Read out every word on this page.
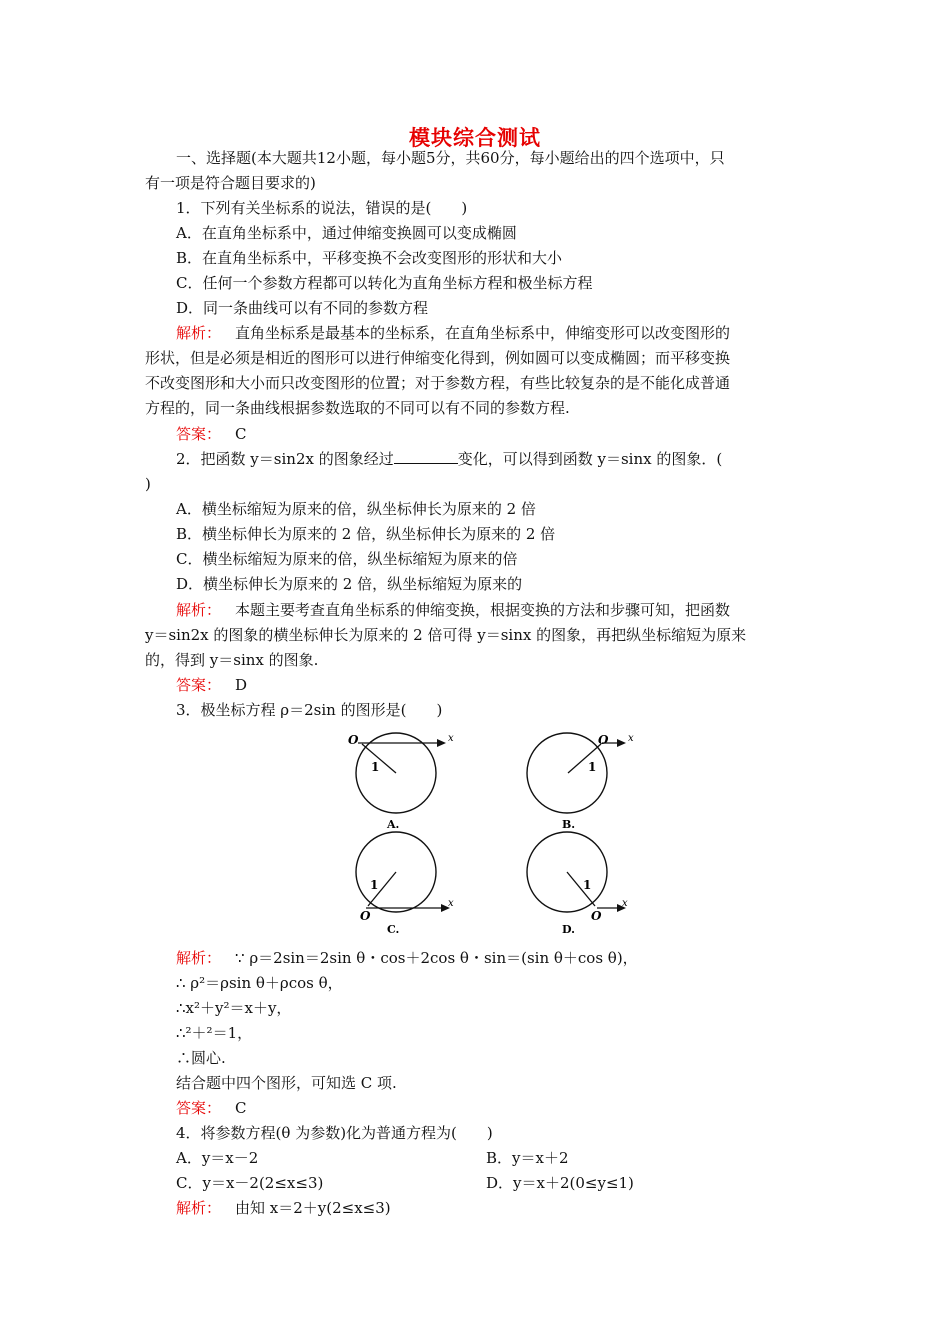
模块综合测试
一、选择题(本大题共12小题，每小题5分，共60分，每小题给出的四个选项中，只
有一项是符合题目要求的)
1．下列有关坐标系的说法，错误的是(　　)
A．在直角坐标系中，通过伸缩变换圆可以变成椭圆
B．在直角坐标系中，平移变换不会改变图形的形状和大小
C．任何一个参数方程都可以转化为直角坐标方程和极坐标方程
D．同一条曲线可以有不同的参数方程
解析： 直角坐标系是最基本的坐标系，在直角坐标系中，伸缩变形可以改变图形的
形状，但是必须是相近的图形可以进行伸缩变化得到，例如圆可以变成椭圆；而平移变换
不改变图形和大小而只改变图形的位置；对于参数方程，有些比较复杂的是不能化成普通
方程的，同一条曲线根据参数选取的不同可以有不同的参数方程.
答案： C
2．把函数 y＝sin2x 的图象经过	变化，可以得到函数 y＝sinx 的图象．(
)
A．横坐标缩短为原来的倍，纵坐标伸长为原来的 2 倍
B．横坐标伸长为原来的 2 倍，纵坐标伸长为原来的 2 倍
C．横坐标缩短为原来的倍，纵坐标缩短为原来的倍
D．横坐标伸长为原来的 2 倍，纵坐标缩短为原来的
解析： 本题主要考查直角坐标系的伸缩变换，根据变换的方法和步骤可知，把函数
y＝sin2x 的图象的横坐标伸长为原来的 2 倍可得 y＝sinx 的图象，再把纵坐标缩短为原来
的，得到 y＝sinx 的图象.
答案： D
3．极坐标方程 ρ＝2sin 的图形是(　　)
O	x
1
A.
O x
1
B.
O
x
1
C.
O
x
1
D.
解析： ∵ ρ＝2sin＝2sin θ・cos＋2cos θ・sin＝(sin θ＋cos θ)，
∴ ρ²＝ρsin θ＋ρcos θ，
∴x²＋y²＝x＋y，
∴²＋²＝1，
∴圆心.
结合题中四个图形，可知选 C 项.
答案： C
4．将参数方程(θ 为参数)化为普通方程为(　　)
A．y＝x－2	B．y＝x＋2
C．y＝x－2(2≤x≤3)	D．y＝x＋2(0≤y≤1)
解析： 由知 x＝2＋y(2≤x≤3)
